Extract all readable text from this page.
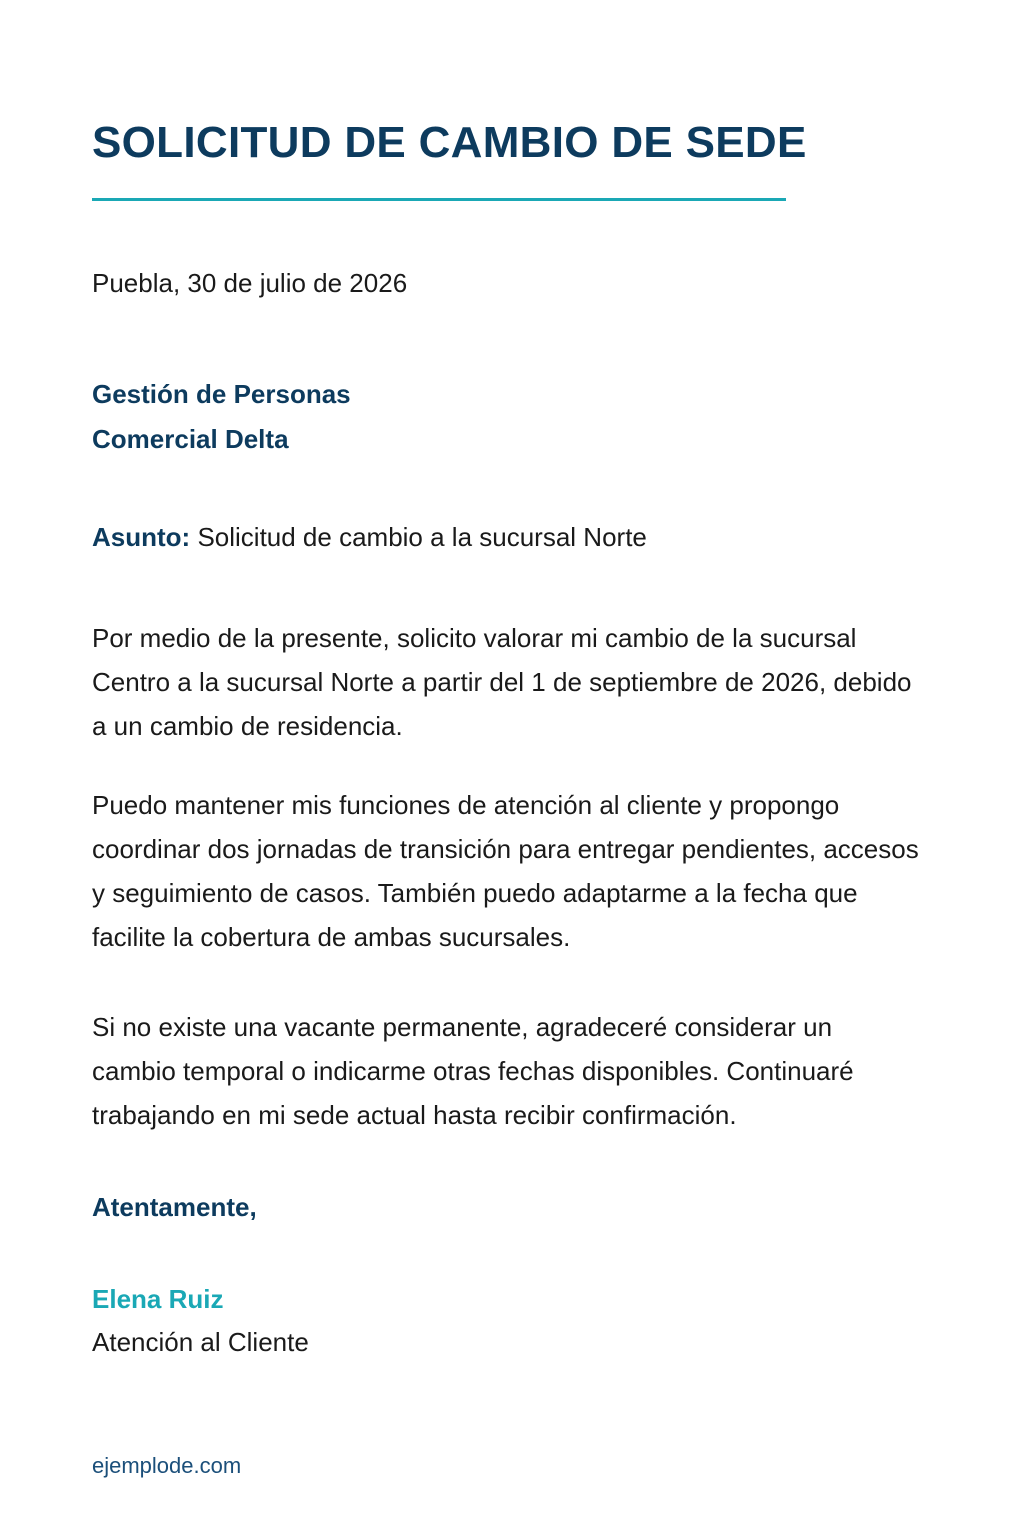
SOLICITUD DE CAMBIO DE SEDE
Puebla, 30 de julio de 2026
Gestión de Personas
Comercial Delta
Asunto: Solicitud de cambio a la sucursal Norte

Por medio de la presente, solicito valorar mi cambio de la sucursal Centro a la sucursal Norte a partir del 1 de septiembre de 2026, debido a un cambio de residencia.

Puedo mantener mis funciones de atención al cliente y propongo coordinar dos jornadas de transición para entregar pendientes, accesos y seguimiento de casos. También puedo adaptarme a la fecha que facilite la cobertura de ambas sucursales.

Si no existe una vacante permanente, agradeceré considerar un cambio temporal o indicarme otras fechas disponibles. Continuaré trabajando en mi sede actual hasta recibir confirmación.

Atentamente,
Elena Ruiz
Atención al Cliente
ejemplode.com
